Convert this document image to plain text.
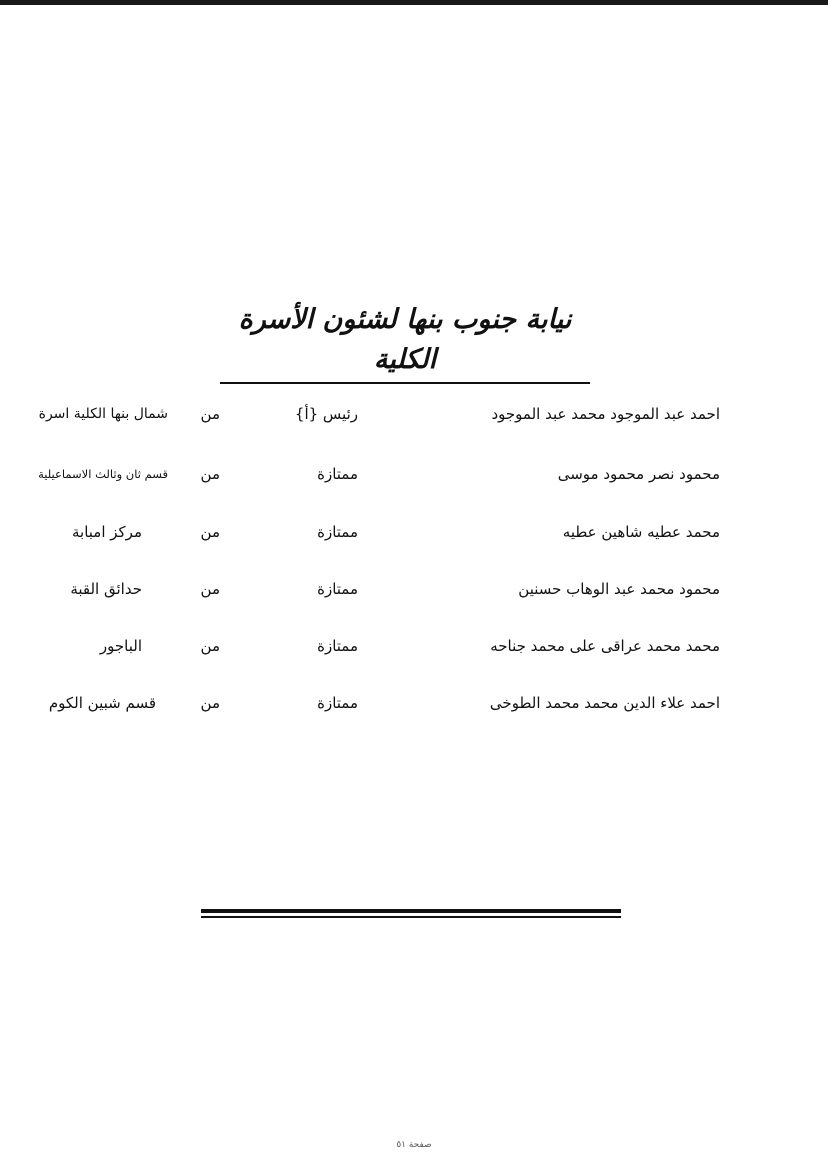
نيابة جنوب بنها لشئون الأسرة الكلية
احمد عبد الموجود محمد عبد الموجود
رئيس {أ}
من
شمال بنها الكلية اسرة
محمود نصر محمود موسى
ممتازة
من
قسم ثان وثالث الاسماعيلية
محمد عطيه شاهين عطيه
ممتازة
من
مركز امبابة
محمود محمد عبد الوهاب حسنين
ممتازة
من
حدائق القبة
محمد محمد عراقى على محمد جناحه
ممتازة
من
الباجور
احمد علاء الدين محمد محمد الطوخى
ممتازة
من
قسم شبين الكوم
صفحة ٥١
